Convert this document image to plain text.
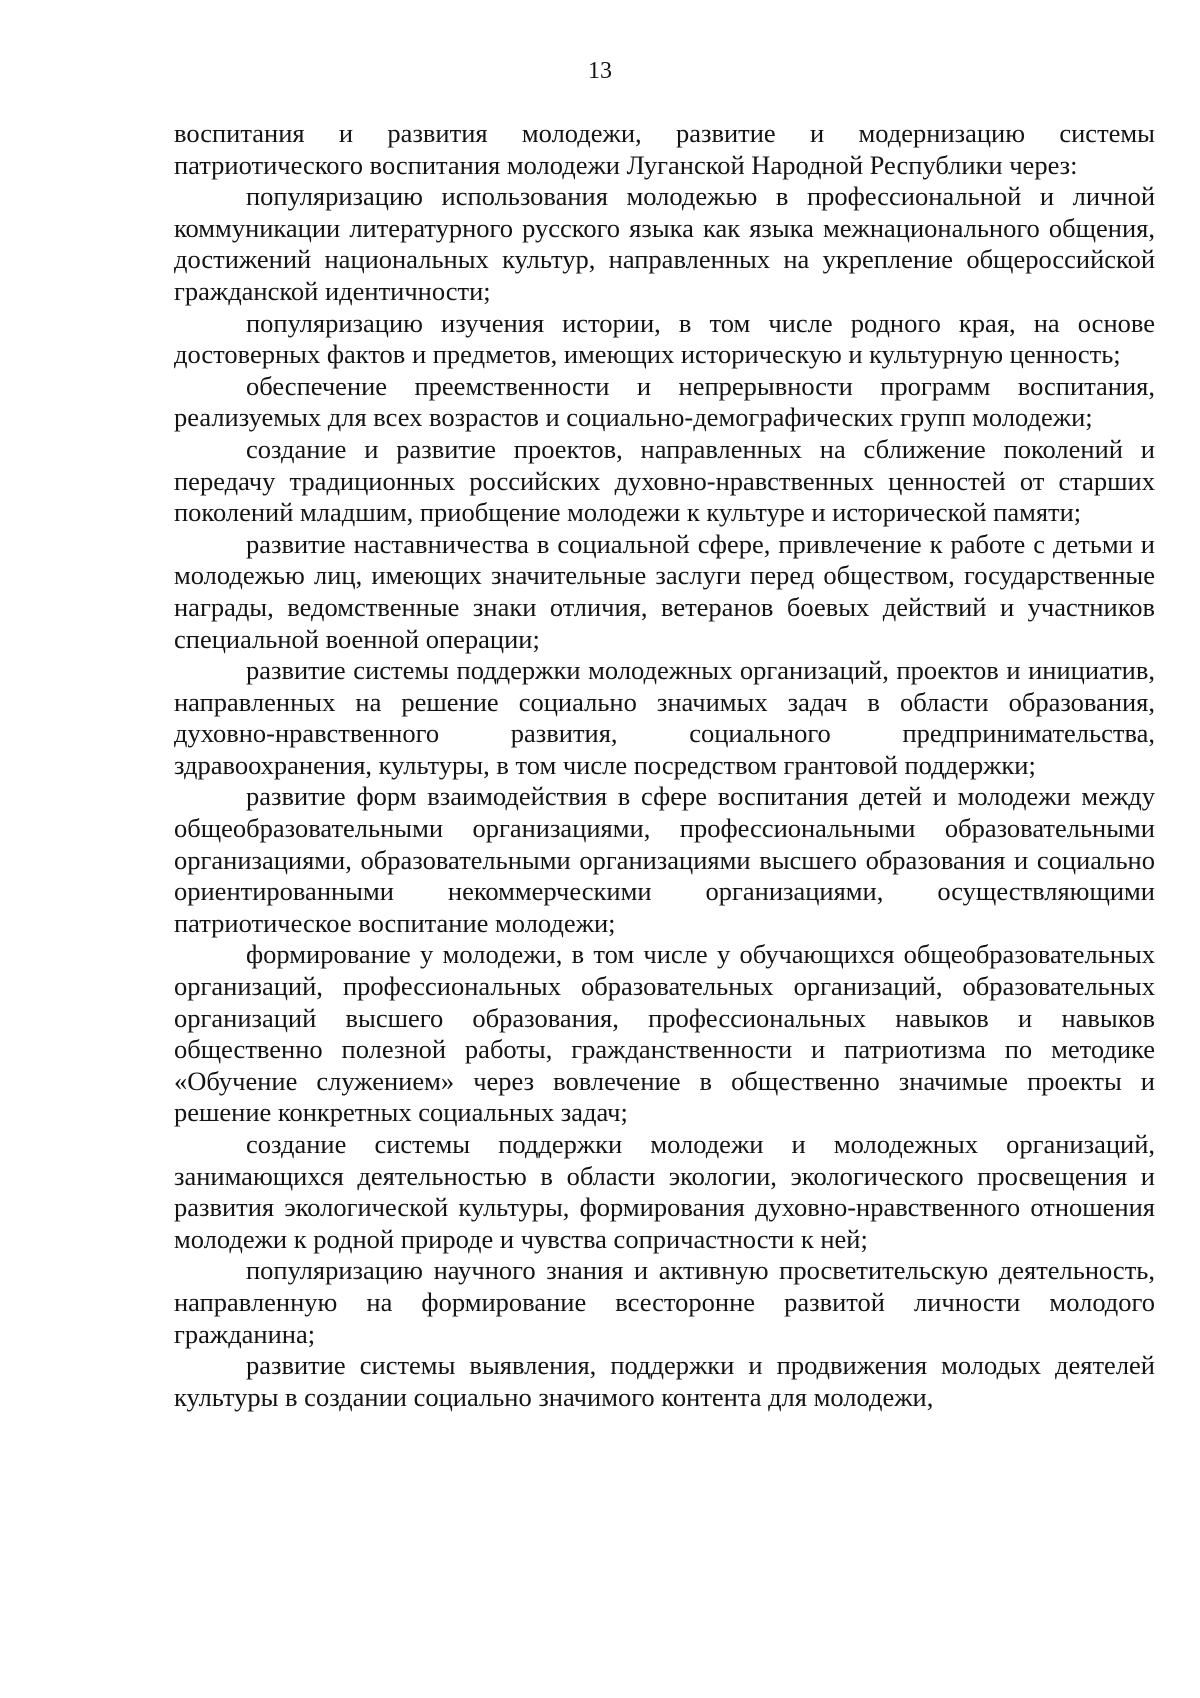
13

воспитания и развития молодежи, развитие и модернизацию системы патриотического воспитания молодежи Луганской Народной Республики через:

популяризацию использования молодежью в профессиональной и личной коммуникации литературного русского языка как языка межнационального общения, достижений национальных культур, направленных на укрепление общероссийской гражданской идентичности;

популяризацию изучения истории, в том числе родного края, на основе достоверных фактов и предметов, имеющих историческую и культурную ценность;

обеспечение преемственности и непрерывности программ воспитания, реализуемых для всех возрастов и социально-демографических групп молодежи;

создание и развитие проектов, направленных на сближение поколений и передачу традиционных российских духовно-нравственных ценностей от старших поколений младшим, приобщение молодежи к культуре и исторической памяти;

развитие наставничества в социальной сфере, привлечение к работе с детьми и молодежью лиц, имеющих значительные заслуги перед обществом, государственные награды, ведомственные знаки отличия, ветеранов боевых действий и участников специальной военной операции;

развитие системы поддержки молодежных организаций, проектов и инициатив, направленных на решение социально значимых задач в области образования, духовно-нравственного развития, социального предпринимательства, здравоохранения, культуры, в том числе посредством грантовой поддержки;

развитие форм взаимодействия в сфере воспитания детей и молодежи между общеобразовательными организациями, профессиональными образовательными организациями, образовательными организациями высшего образования и социально ориентированными некоммерческими организациями, осуществляющими патриотическое воспитание молодежи;

формирование у молодежи, в том числе у обучающихся общеобразовательных организаций, профессиональных образовательных организаций, образовательных организаций высшего образования, профессиональных навыков и навыков общественно полезной работы, гражданственности и патриотизма по методике «Обучение служением» через вовлечение в общественно значимые проекты и решение конкретных социальных задач;

создание системы поддержки молодежи и молодежных организаций, занимающихся деятельностью в области экологии, экологического просвещения и развития экологической культуры, формирования духовно-нравственного отношения молодежи к родной природе и чувства сопричастности к ней;

популяризацию научного знания и активную просветительскую деятельность, направленную на формирование всесторонне развитой личности молодого гражданина;

развитие системы выявления, поддержки и продвижения молодых деятелей культуры в создании социально значимого контента для молодежи,
